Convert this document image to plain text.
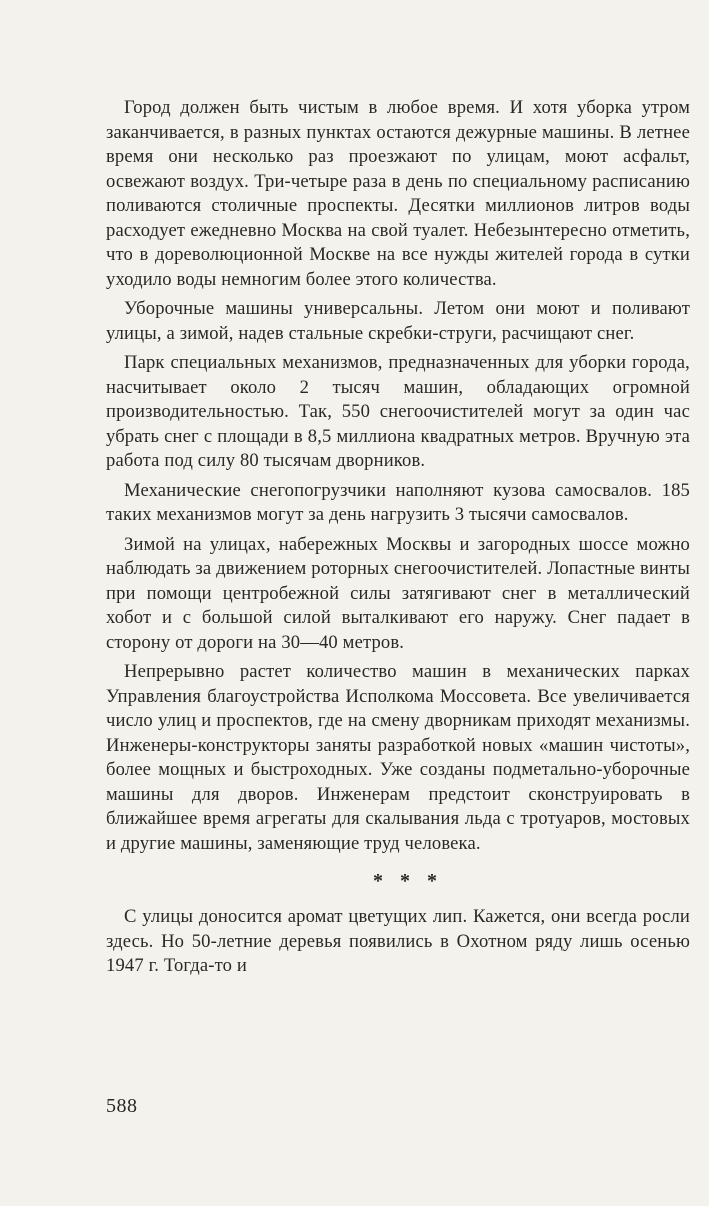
Город должен быть чистым в любое время. И хотя уборка утром заканчивается, в разных пунктах остаются дежурные машины. В летнее время они несколько раз проезжают по улицам, моют асфальт, освежают воздух. Три-четыре раза в день по специальному расписанию поливаются столичные проспекты. Десятки миллионов литров воды расходует ежедневно Москва на свой туалет. Небезынтересно отметить, что в дореволюционной Москве на все нужды жителей города в сутки уходило воды немногим более этого количества.

Уборочные машины универсальны. Летом они моют и поливают улицы, а зимой, надев стальные скребки-струги, расчищают снег.

Парк специальных механизмов, предназначенных для уборки города, насчитывает около 2 тысяч машин, обладающих огромной производительностью. Так, 550 снегоочистителей могут за один час убрать снег с площади в 8,5 миллиона квадратных метров. Вручную эта работа под силу 80 тысячам дворников.

Механические снегопогрузчики наполняют кузова самосвалов. 185 таких механизмов могут за день нагрузить 3 тысячи самосвалов.

Зимой на улицах, набережных Москвы и загородных шоссе можно наблюдать за движением роторных снегоочистителей. Лопастные винты при помощи центробежной силы затягивают снег в металлический хобот и с большой силой выталкивают его наружу. Снег падает в сторону от дороги на 30—40 метров.

Непрерывно растет количество машин в механических парках Управления благоустройства Исполкома Моссовета. Все увеличивается число улиц и проспектов, где на смену дворникам приходят механизмы. Инженеры-конструкторы заняты разработкой новых «машин чистоты», более мощных и быстроходных. Уже созданы подметально-уборочные машины для дворов. Инженерам предстоит сконструировать в ближайшее время агрегаты для скалывания льда с тротуаров, мостовых и другие машины, заменяющие труд человека.

* * *

С улицы доносится аромат цветущих лип. Кажется, они всегда росли здесь. Но 50-летние деревья появились в Охотном ряду лишь осенью 1947 г. Тогда-то и

588
